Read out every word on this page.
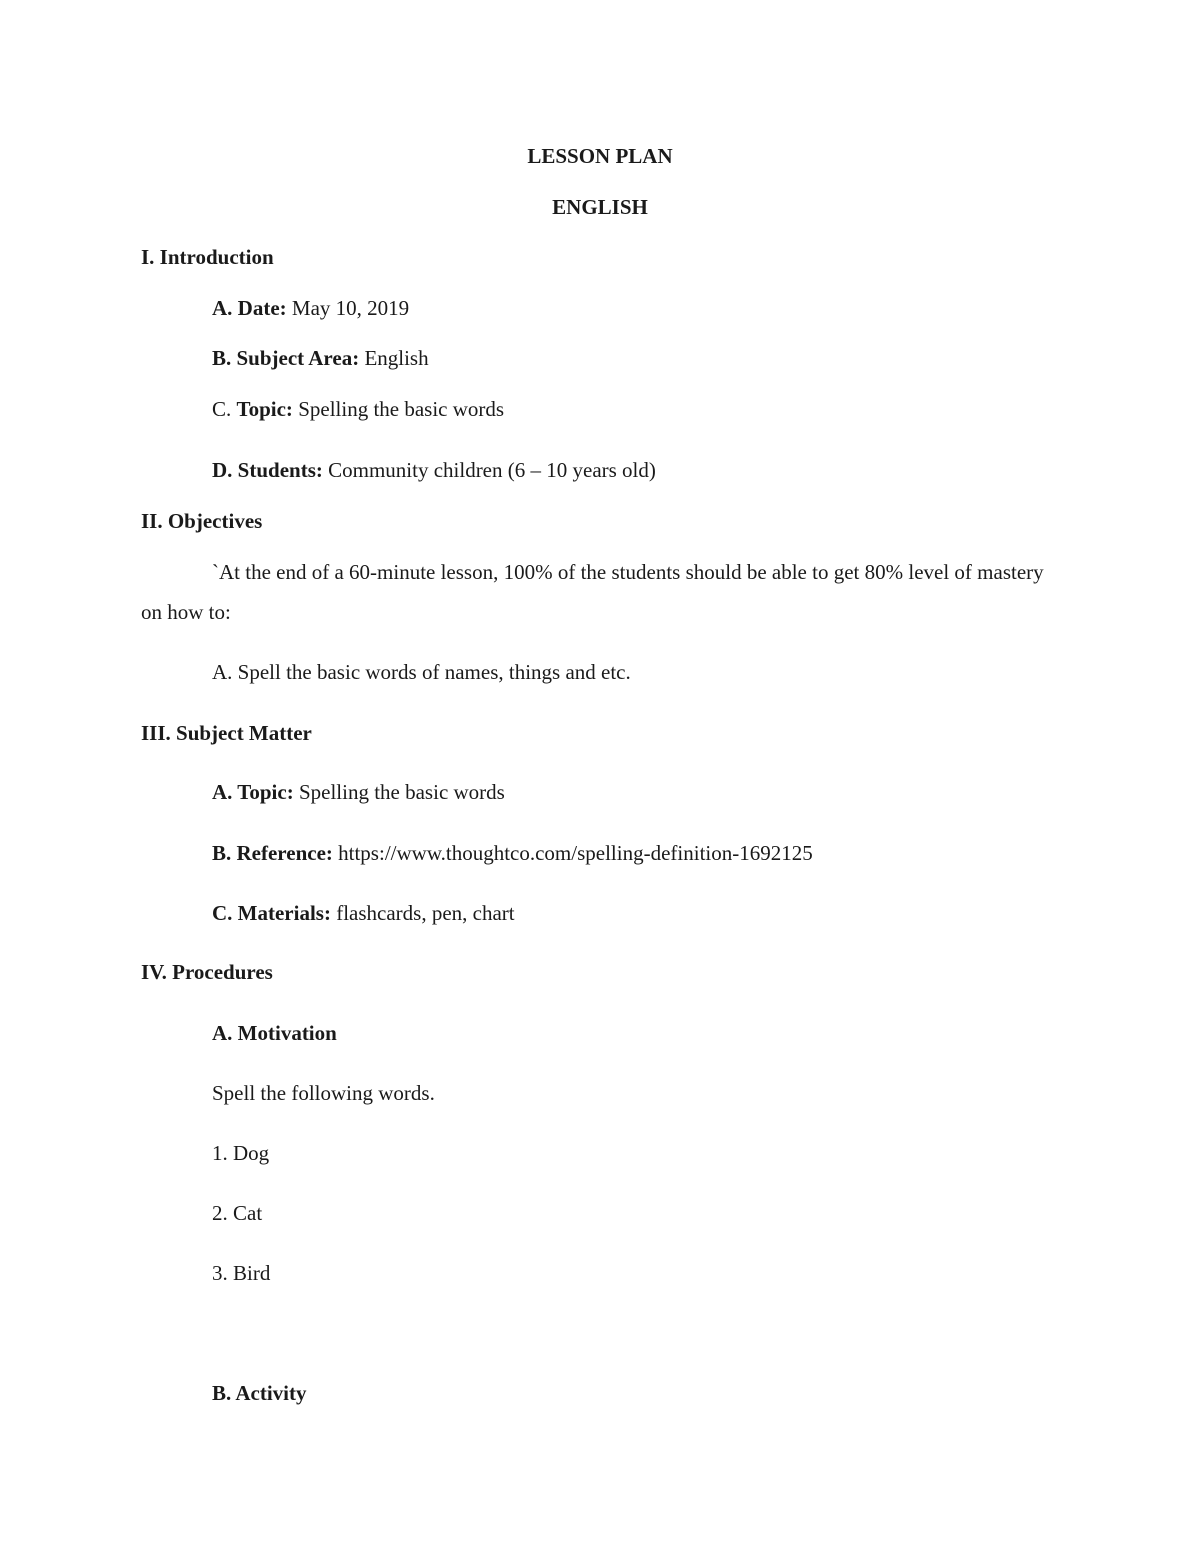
LESSON PLAN
ENGLISH
I. Introduction
A. Date: May 10, 2019
B. Subject Area: English
C. Topic: Spelling the basic words
D. Students: Community children (6 – 10 years old)
II. Objectives
`At the end of a 60-minute lesson, 100% of the students should be able to get 80% level of mastery on how to:
A. Spell the basic words of names, things and etc.
III. Subject Matter
A. Topic: Spelling the basic words
B. Reference: https://www.thoughtco.com/spelling-definition-1692125
C. Materials: flashcards, pen, chart
IV. Procedures
A. Motivation
Spell the following words.
1. Dog
2. Cat
3. Bird
B. Activity
